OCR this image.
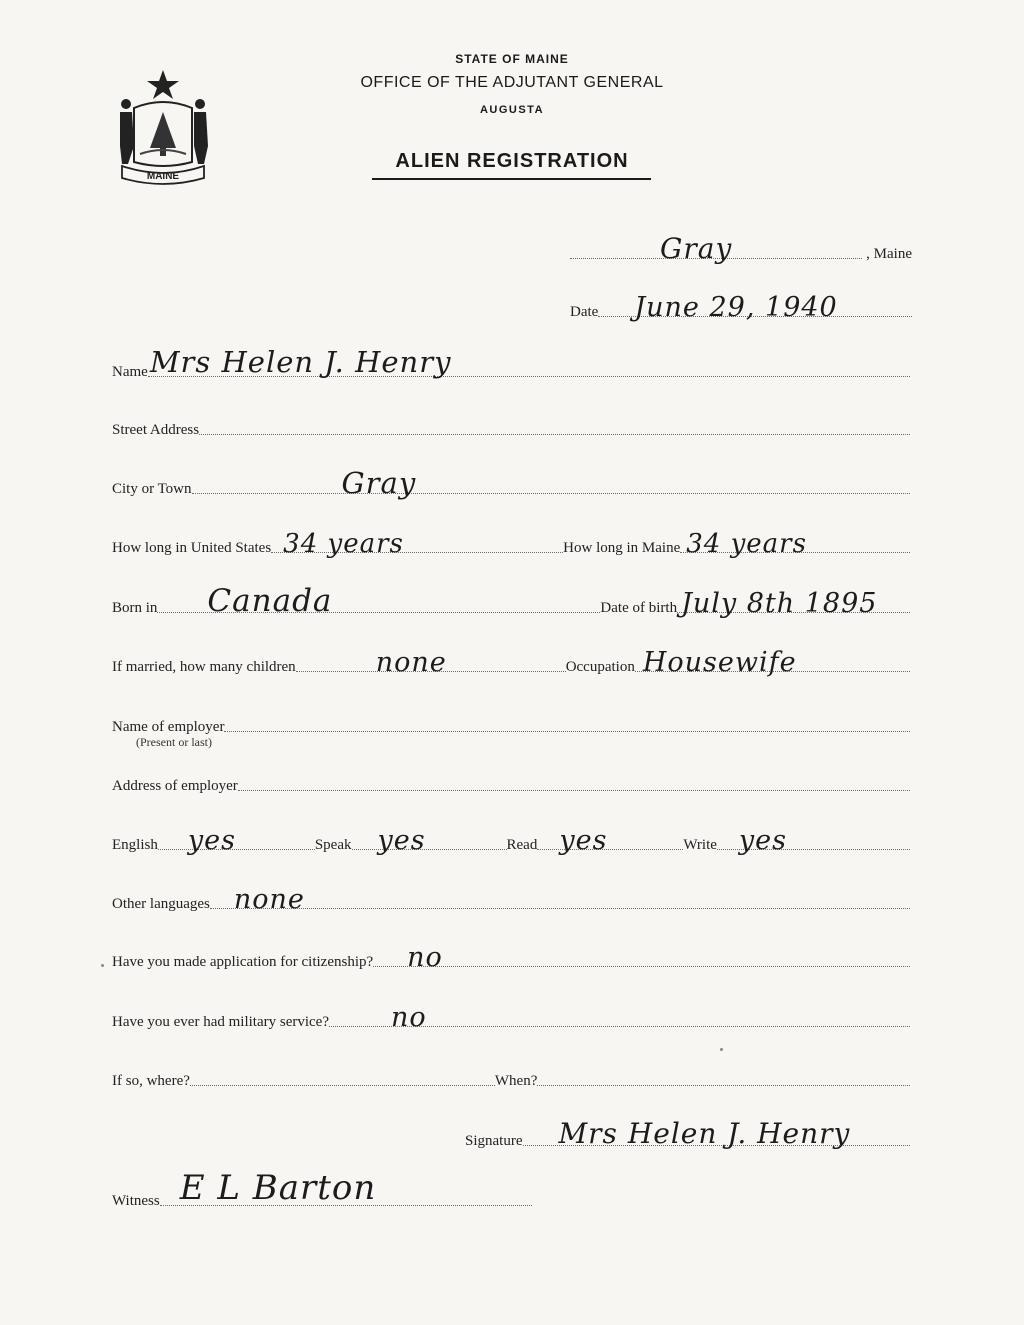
MAINE
STATE OF MAINE
OFFICE OF THE ADJUTANT GENERAL
AUGUSTA
ALIEN REGISTRATION
Gray	, Maine
Date June 29, 1940
Name Mrs Helen J. Henry
Street Address
City or Town	Gray
How long in United States 34 years	How long in Maine 34 years
Born in Canada	Date of birth July 8th 1895
If married, how many children	none	Occupation Housewife
Name of employer
(Present or last)
Address of employer
English yes	Speak yes	Read yes	Write yes
Other languages none
Have you made application for citizenship? no
Have you ever had military service? no
If so, where?	When?
Signature Mrs Helen J. Henry
Witness E L Barton
